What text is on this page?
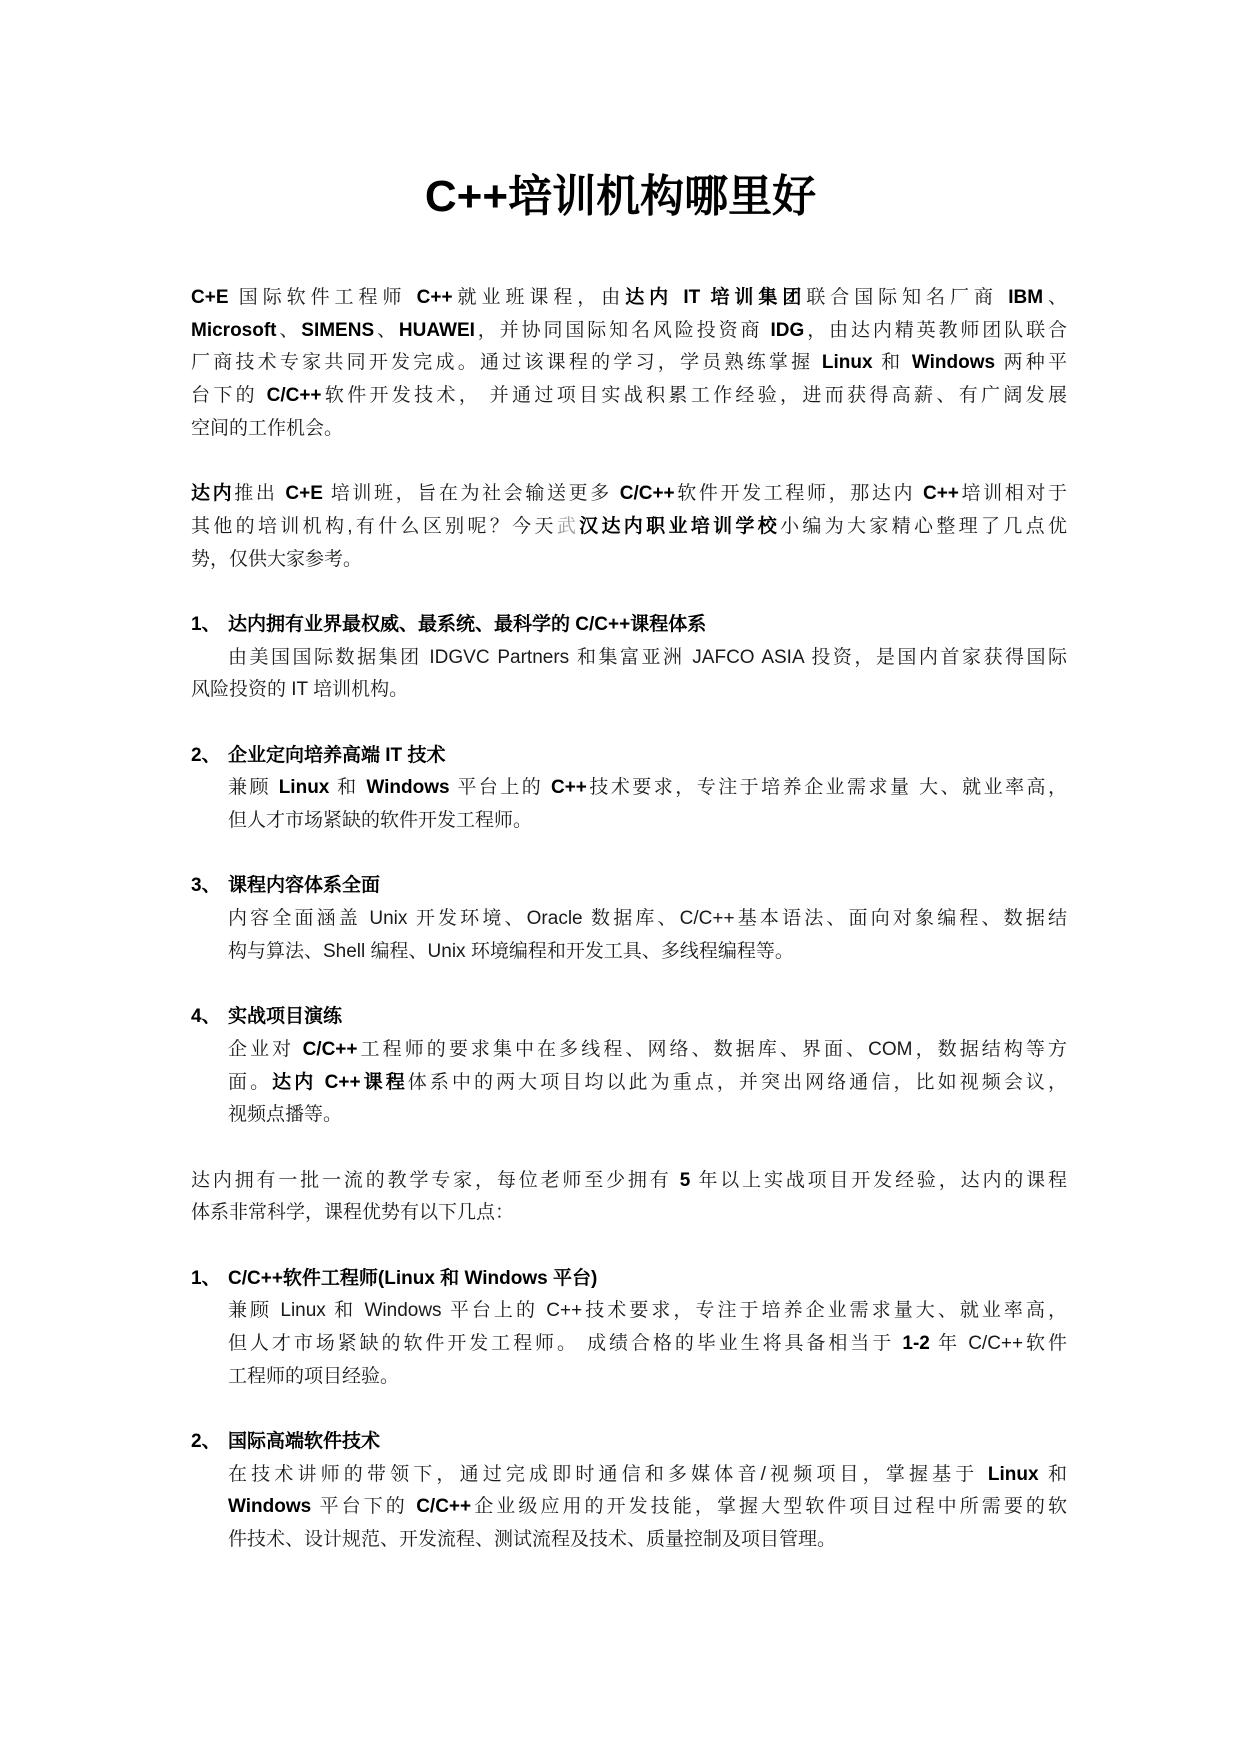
C++培训机构哪里好
C+E 国际软件工程师 C++就业班课程，由达内 IT 培训集团联合国际知名厂商 IBM、
Microsoft、SIMENS、HUAWEI，并协同国际知名风险投资商 IDG，由达内精英教师团队联合
厂商技术专家共同开发完成。通过该课程的学习，学员熟练掌握 Linux 和 Windows 两种平
台下的 C/C++软件开发技术， 并通过项目实战积累工作经验，进而获得高薪、有广阔发展
空间的工作机会。
达内推出 C+E 培训班，旨在为社会输送更多 C/C++软件开发工程师，那达内 C++培训相对于
其他的培训机构,有什么区别呢？今天武汉达内职业培训学校小编为大家精心整理了几点优
势，仅供大家参考。
1、 达内拥有业界最权威、最系统、最科学的 C/C++课程体系
由美国国际数据集团 IDGVC Partners 和集富亚洲 JAFCO ASIA 投资，是国内首家获得国际
风险投资的 IT 培训机构。
2、 企业定向培养高端 IT 技术
兼顾 Linux 和 Windows 平台上的 C++技术要求，专注于培养企业需求量 大、就业率高，
但人才市场紧缺的软件开发工程师。
3、 课程内容体系全面
内容全面涵盖 Unix 开发环境、Oracle 数据库、C/C++基本语法、面向对象编程、数据结
构与算法、Shell 编程、Unix 环境编程和开发工具、多线程编程等。
4、 实战项目演练
企业对 C/C++工程师的要求集中在多线程、网络、数据库、界面、COM，数据结构等方
面。达内 C++课程体系中的两大项目均以此为重点，并突出网络通信，比如视频会议，
视频点播等。
达内拥有一批一流的教学专家，每位老师至少拥有 5 年以上实战项目开发经验，达内的课程
体系非常科学，课程优势有以下几点：
1、 C/C++软件工程师(Linux 和 Windows 平台)
兼顾 Linux 和 Windows 平台上的 C++技术要求，专注于培养企业需求量大、就业率高，
但人才市场紧缺的软件开发工程师。 成绩合格的毕业生将具备相当于 1-2 年 C/C++软件
工程师的项目经验。
2、 国际高端软件技术
在技术讲师的带领下，通过完成即时通信和多媒体音/视频项目，掌握基于 Linux 和
Windows 平台下的 C/C++企业级应用的开发技能，掌握大型软件项目过程中所需要的软
件技术、设计规范、开发流程、测试流程及技术、质量控制及项目管理。
